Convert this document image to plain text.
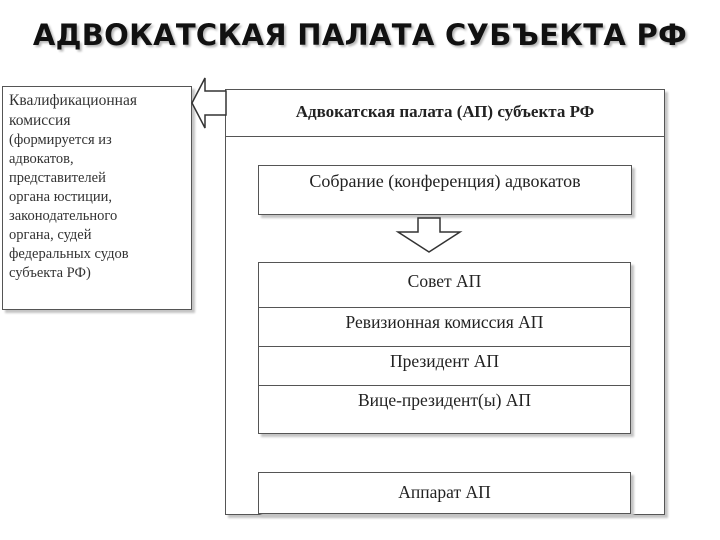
АДВОКАТСКАЯ ПАЛАТА СУБЪЕКТА РФ
Квалификационная
комиссия
(формируется из
адвокатов,
представителей
органа юстиции,
законодательного
органа, судей
федеральных судов
субъекта РФ)
Адвокатская палата (АП) субъекта РФ
Собрание (конференция) адвокатов
Совет АП
Ревизионная комиссия АП
Президент АП
Вице-президент(ы) АП
Аппарат АП
